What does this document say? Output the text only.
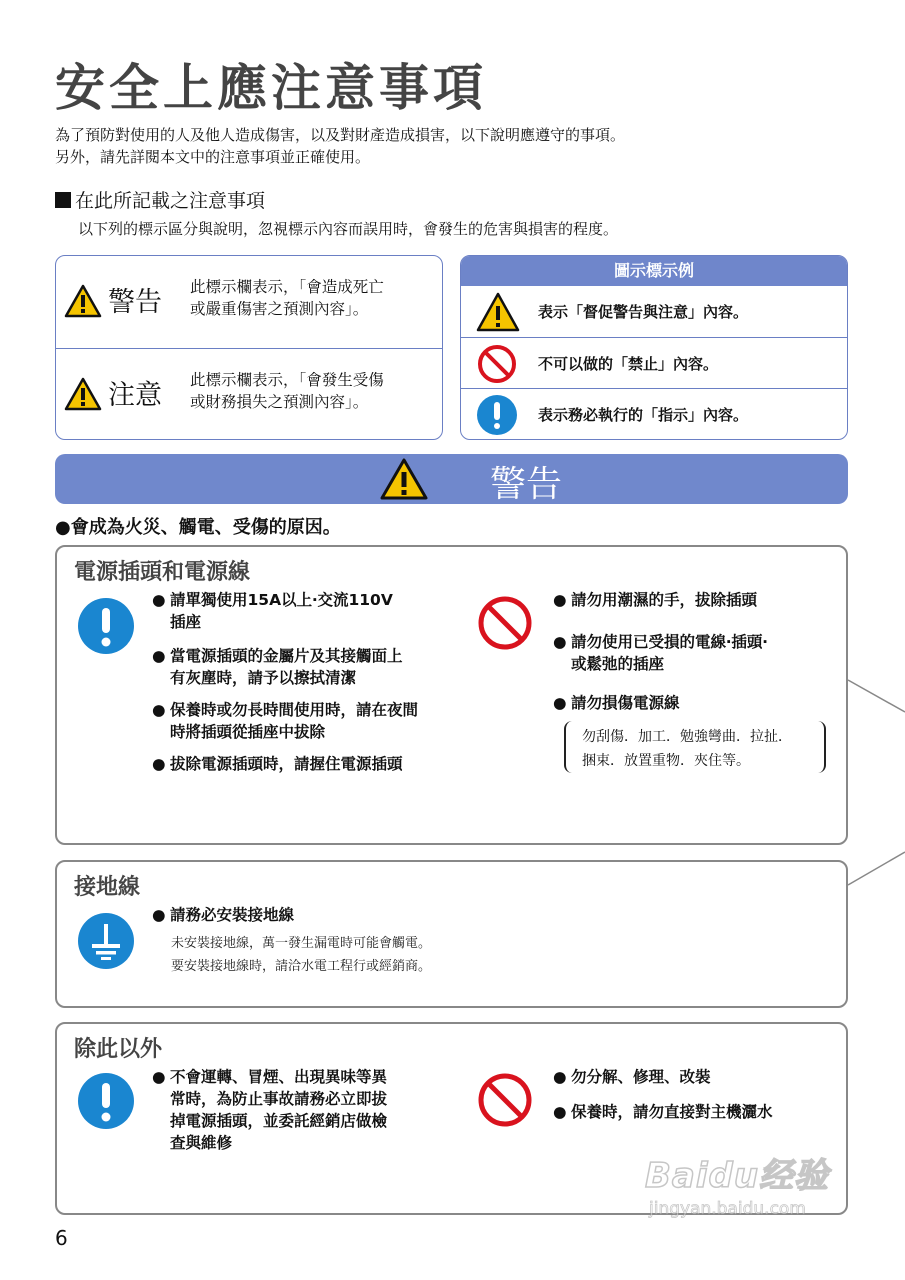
安全上應注意事項
為了預防對使用的人及他人造成傷害，以及對財產造成損害，以下說明應遵守的事項。
另外，請先詳閱本文中的注意事項並正確使用。
在此所記載之注意事項
以下列的標示區分與說明，忽視標示內容而誤用時，會發生的危害與損害的程度。
警告 此標示欄表示，「會造成死亡
或嚴重傷害之預測內容」。
注意 此標示欄表示，「會發生受傷
或財務損失之預測內容」。
圖示標示例
表示「督促警告與注意」內容。
不可以做的「禁止」內容。
表示務必執行的「指示」內容。
警告
●會成為火災、觸電、受傷的原因。
電源插頭和電源線
● 請單獨使用15A以上‧交流110V
插座
● 當電源插頭的金屬片及其接觸面上
有灰塵時，請予以擦拭清潔
● 保養時或勿長時間使用時，請在夜間
時將插頭從插座中拔除
● 拔除電源插頭時，請握住電源插頭
● 請勿用潮濕的手，拔除插頭
● 請勿使用已受損的電線‧插頭‧
或鬆弛的插座
● 請勿損傷電源線
勿刮傷．加工．勉強彎曲．拉扯．
捆束．放置重物．夾住等。
接地線
● 請務必安裝接地線
未安裝接地線，萬一發生漏電時可能會觸電。
要安裝接地線時，請洽水電工程行或經銷商。
除此以外
● 不會運轉、冒煙、出現異味等異
常時，為防止事故請務必立即拔
掉電源插頭，並委託經銷店做檢
查與維修
● 勿分解、修理、改裝
● 保養時，請勿直接對主機灑水
6
Baidu经验
jingyan.baidu.com
